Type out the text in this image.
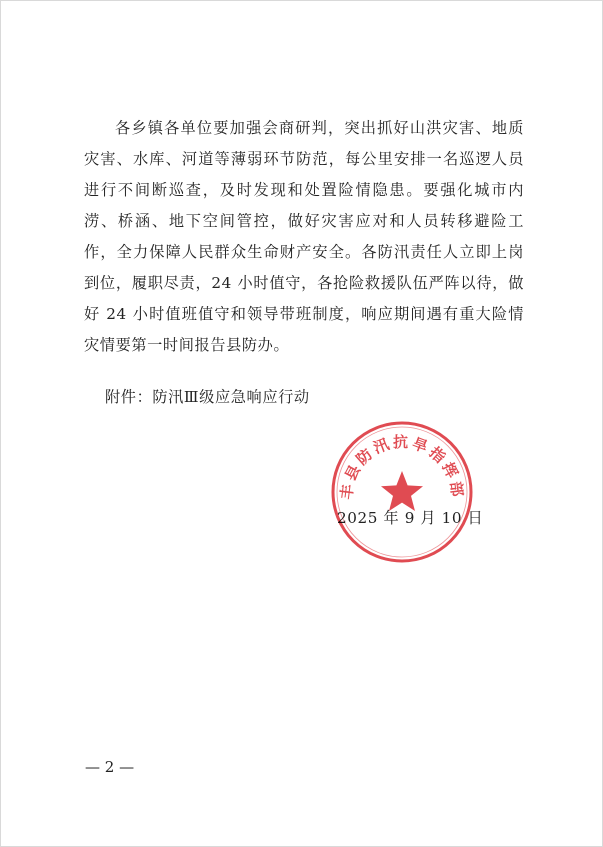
各乡镇各单位要加强会商研判，突出抓好山洪灾害、地质灾害、水库、河道等薄弱环节防范，每公里安排一名巡逻人员进行不间断巡查，及时发现和处置险情隐患。要强化城市内涝、桥涵、地下空间管控，做好灾害应对和人员转移避险工作，全力保障人民群众生命财产安全。各防汛责任人立即上岗到位，履职尽责，24 小时值守，各抢险救援队伍严阵以待，做好 24 小时值班值守和领导带班制度，响应期间遇有重大险情灾情要第一时间报告县防办。

附件：防汛Ⅲ级应急响应行动

2025 年 9 月 10 日

丰县防汛抗旱指挥部

— 2 —
